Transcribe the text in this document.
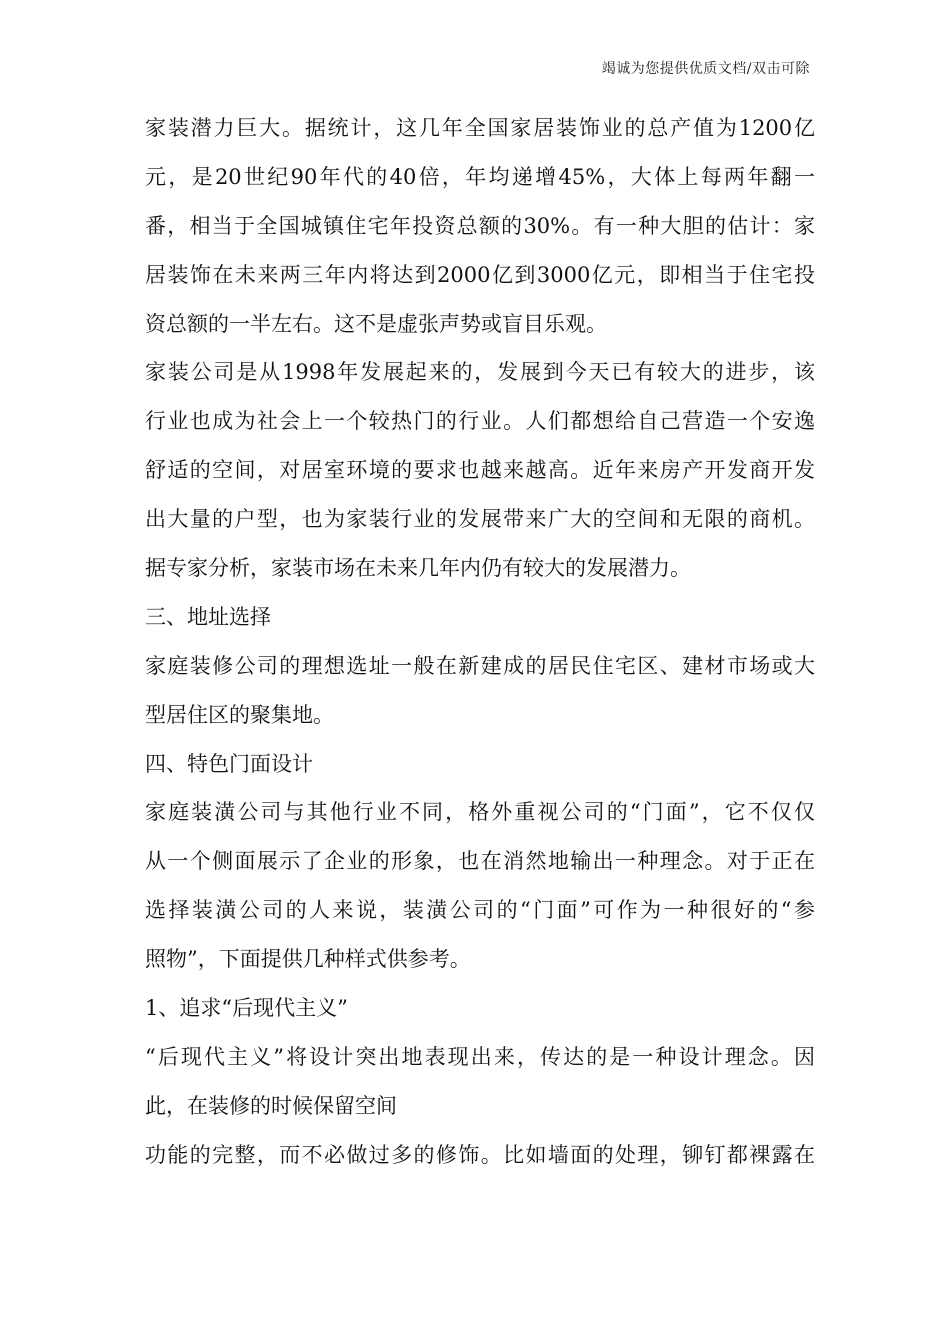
竭诚为您提供优质文档/双击可除
家装潜力巨大。据统计，这几年全国家居装饰业的总产值为1200亿
元，是20世纪90年代的40倍，年均递增45%，大体上每两年翻一
番，相当于全国城镇住宅年投资总额的30%。有一种大胆的估计：家
居装饰在未来两三年内将达到2000亿到3000亿元，即相当于住宅投
资总额的一半左右。这不是虚张声势或盲目乐观。
家装公司是从1998年发展起来的，发展到今天已有较大的进步，该
行业也成为社会上一个较热门的行业。人们都想给自己营造一个安逸
舒适的空间，对居室环境的要求也越来越高。近年来房产开发商开发
出大量的户型，也为家装行业的发展带来广大的空间和无限的商机。
据专家分析，家装市场在未来几年内仍有较大的发展潜力。
三、地址选择
家庭装修公司的理想选址一般在新建成的居民住宅区、建材市场或大
型居住区的聚集地。
四、特色门面设计
家庭装潢公司与其他行业不同，格外重视公司的“门面”，它不仅仅
从一个侧面展示了企业的形象，也在消然地输出一种理念。对于正在
选择装潢公司的人来说，装潢公司的“门面”可作为一种很好的“参
照物”，下面提供几种样式供参考。
1、追求“后现代主义”
“后现代主义”将设计突出地表现出来，传达的是一种设计理念。因
此，在装修的时候保留空间
功能的完整，而不必做过多的修饰。比如墙面的处理，铆钉都裸露在
